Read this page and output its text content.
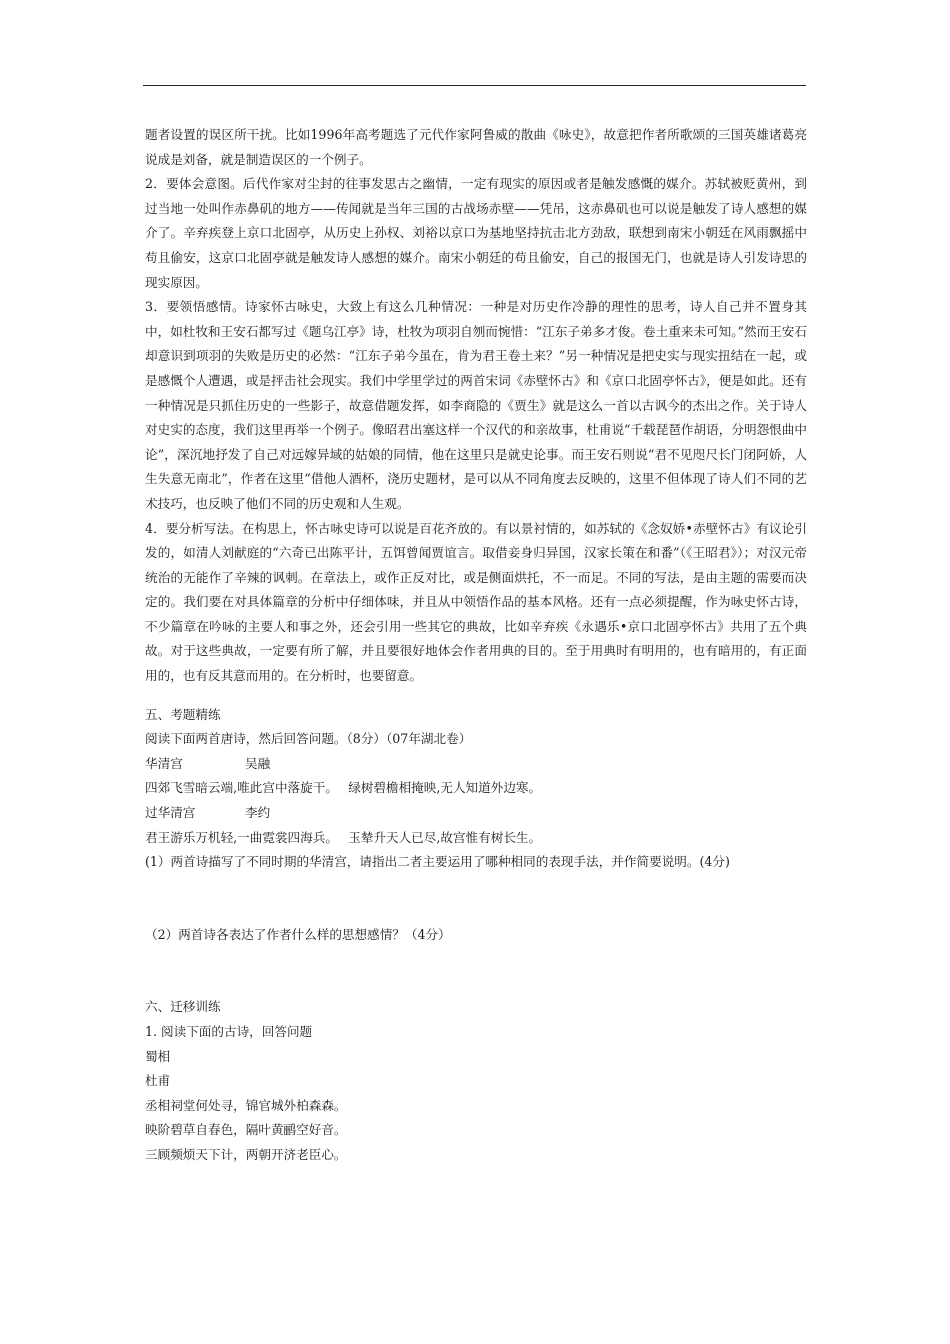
题者设置的误区所干扰。比如1996年高考题选了元代作家阿鲁威的散曲《咏史》，故意把作者所歌颂的三国英雄诸葛亮说成是刘备，就是制造误区的一个例子。

2．要体会意图。后代作家对尘封的往事发思古之幽情，一定有现实的原因或者是触发感慨的媒介。苏轼被贬黄州，到过当地一处叫作赤鼻矶的地方——传闻就是当年三国的古战场赤壁——凭吊，这赤鼻矶也可以说是触发了诗人感想的媒介了。辛弃疾登上京口北固亭，从历史上孙权、刘裕以京口为基地坚持抗击北方劲敌，联想到南宋小朝廷在风雨飘摇中苟且偷安，这京口北固亭就是触发诗人感想的媒介。南宋小朝廷的苟且偷安，自己的报国无门，也就是诗人引发诗思的现实原因。

3．要领悟感情。诗家怀古咏史，大致上有这么几种情况：一种是对历史作冷静的理性的思考，诗人自己并不置身其中，如杜牧和王安石都写过《题乌江亭》诗，杜牧为项羽自刎而惋惜：“江东子弟多才俊。卷土重来未可知。”然而王安石却意识到项羽的失败是历史的必然：“江东子弟今虽在，肯为君王卷土来？”另一种情况是把史实与现实扭结在一起，或是感慨个人遭遇，或是抨击社会现实。我们中学里学过的两首宋词《赤壁怀古》和《京口北固亭怀古》，便是如此。还有一种情况是只抓住历史的一些影子，故意借题发挥，如李商隐的《贾生》就是这么一首以古讽今的杰出之作。关于诗人对史实的态度，我们这里再举一个例子。像昭君出塞这样一个汉代的和亲故事，杜甫说“千载琵琶作胡语，分明怨恨曲中论”，深沉地抒发了自己对远嫁异域的姑娘的同情，他在这里只是就史论事。而王安石则说“君不见咫尺长门闭阿娇，人生失意无南北”，作者在这里“借他人酒杯，浇历史题材，是可以从不同角度去反映的，这里不但体现了诗人们不同的艺术技巧，也反映了他们不同的历史观和人生观。

4．要分析写法。在构思上，怀古咏史诗可以说是百花齐放的。有以景衬情的，如苏轼的《念奴娇•赤壁怀古》有议论引发的，如清人刘献庭的“六奇已出陈平计，五饵曾闻贾谊言。取借妾身归异国，汉家长策在和番”（《王昭君》）；对汉元帝统治的无能作了辛辣的讽刺。在章法上，或作正反对比，或是侧面烘托，不一而足。不同的写法，是由主题的需要而决定的。我们要在对具体篇章的分析中仔细体味，并且从中领悟作品的基本风格。还有一点必须提醒，作为咏史怀古诗，不少篇章在吟咏的主要人和事之外，还会引用一些其它的典故，比如辛弃疾《永遇乐•京口北固亭怀古》共用了五个典故。对于这些典故，一定要有所了解，并且要很好地体会作者用典的目的。至于用典时有明用的，也有暗用的，有正面用的，也有反其意而用的。在分析时，也要留意。

五、考题精练

阅读下面两首唐诗，然后回答问题。（8分）（07年湖北卷）

华清宫	吴融

四郊飞雪暗云端,唯此宫中落旋干。　 绿树碧檐相掩映,无人知道外边寒。

过华清宫	李约

君王游乐万机轻,一曲霓裳四海兵。　 玉辇升天人已尽,故宫惟有树长生。

(1）两首诗描写了不同时期的华清宫，请指出二者主要运用了哪种相同的表现手法，并作简要说明。(4分)

（2）两首诗各表达了作者什么样的思想感情？（4分）

六、迁移训练

1. 阅读下面的古诗，回答问题

蜀相

杜甫

丞相祠堂何处寻，锦官城外柏森森。

映阶碧草自春色，隔叶黄鹂空好音。

三顾频烦天下计，两朝开济老臣心。
